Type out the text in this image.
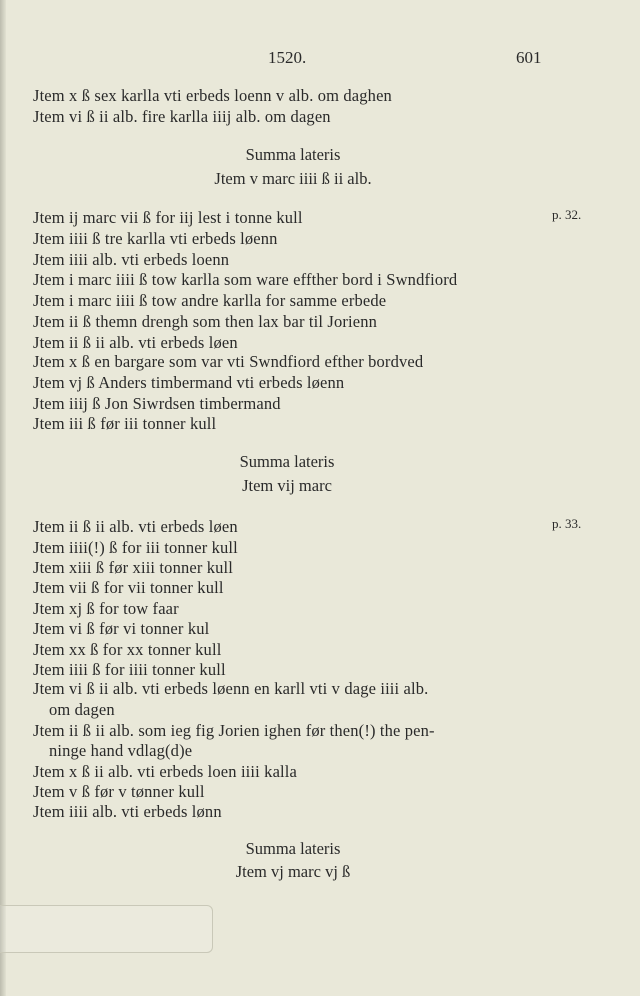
1520.	601
Jtem x ß sex karlla vti erbeds loenn v alb. om daghen
Jtem vi ß ii alb. fire karlla iiij alb. om dagen
Summa lateris
Jtem v marc iiii ß ii alb.
p. 32.
Jtem ij marc vii ß for iij lest i tonne kull
Jtem iiii ß tre karlla vti erbeds løenn
Jtem iiii alb. vti erbeds loenn
Jtem i marc iiii ß tow karlla som ware effther bord i Swndfiord
Jtem i marc iiii ß tow andre karlla for samme erbede
Jtem ii ß themn drengh som then lax bar til Jorienn
Jtem ii ß ii alb. vti erbeds løen
Jtem x ß en bargare som var vti Swndfiord efther bordved
Jtem vj ß Anders timbermand vti erbeds løenn
Jtem iiij ß Jon Siwrdsen timbermand
Jtem iii ß før iii tonner kull
Summa lateris
Jtem vij marc
p. 33.
Jtem ii ß ii alb. vti erbeds løen
Jtem iiii(!) ß for iii tonner kull
Jtem xiii ß før xiii tonner kull
Jtem vii ß for vii tonner kull
Jtem xj ß for tow faar
Jtem vi ß før vi tonner kul
Jtem xx ß for xx tonner kull
Jtem iiii ß for iiii tonner kull
Jtem vi ß ii alb. vti erbeds løenn en karll vti v dage iiii alb.
om dagen
Jtem ii ß ii alb. som ieg fig Jorien ighen før then(!) the pen-
ninge hand vdlag(d)e
Jtem x ß ii alb. vti erbeds loen iiii kalla
Jtem v ß før v tønner kull
Jtem iiii alb. vti erbeds lønn
Summa lateris
Jtem vj marc vj ß
